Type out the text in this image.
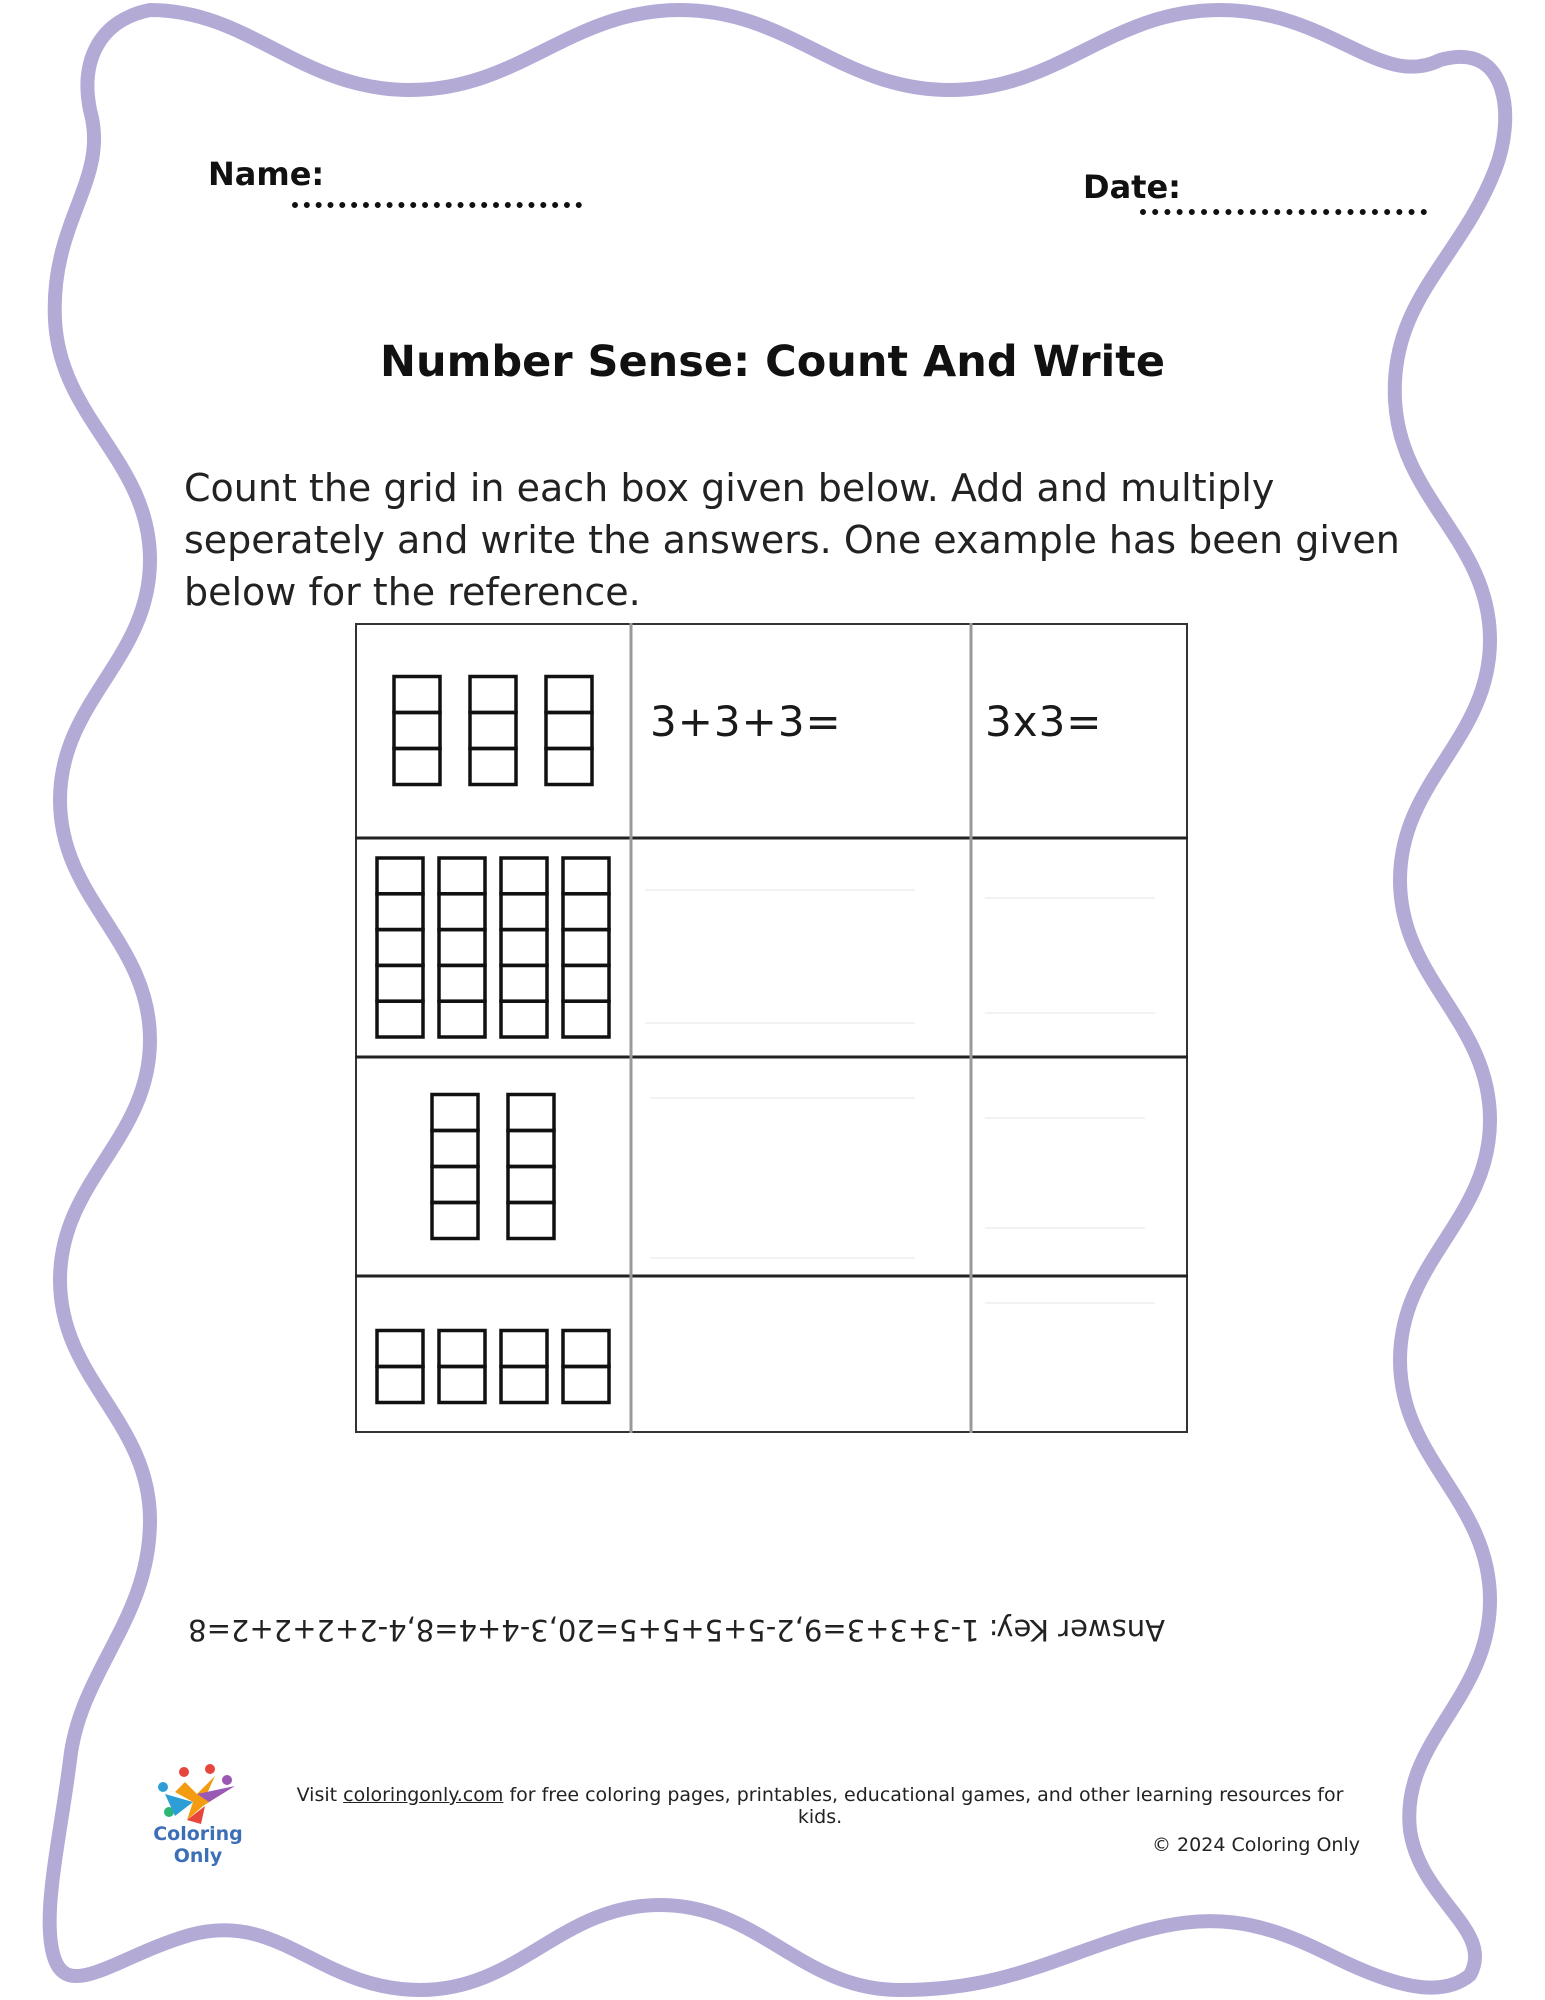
Name:	Date:
Number Sense: Count And Write
Count the grid in each box given below. Add and multiply
seperately and write the answers. One example has been given
below for the reference.
3+3+3=	3x3=
Answer Key: 1-3+3+3=9,2-5+5+5+5=20,3-4+4=8,4-2+2+2+2=8
Coloring Only
Visit coloringonly.com for free coloring pages, printables, educational games, and other learning resources for kids.
© 2024 Coloring Only
